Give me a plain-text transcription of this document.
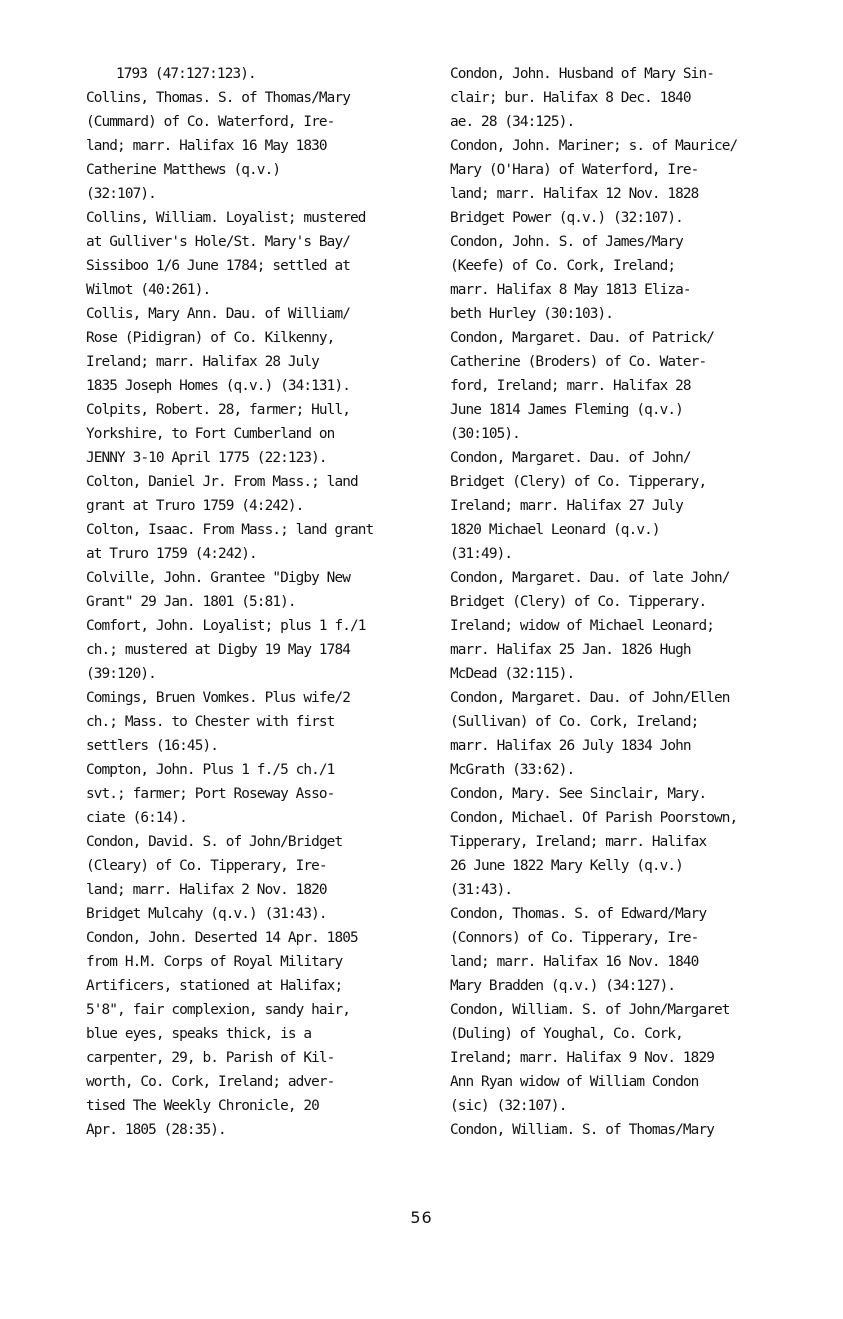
1793 (47:127:123).
Collins, Thomas. S. of Thomas/Mary
(Cummard) of Co. Waterford, Ire-
land; marr. Halifax 16 May 1830
Catherine Matthews (q.v.)
(32:107).
Collins, William. Loyalist; mustered
at Gulliver's Hole/St. Mary's Bay/
Sissiboo 1/6 June 1784; settled at
Wilmot (40:261).
Collis, Mary Ann. Dau. of William/
Rose (Pidigran) of Co. Kilkenny,
Ireland; marr. Halifax 28 July
1835 Joseph Homes (q.v.) (34:131).
Colpits, Robert. 28, farmer; Hull,
Yorkshire, to Fort Cumberland on
JENNY 3-10 April 1775 (22:123).
Colton, Daniel Jr. From Mass.; land
grant at Truro 1759 (4:242).
Colton, Isaac. From Mass.; land grant
at Truro 1759 (4:242).
Colville, John. Grantee "Digby New
Grant" 29 Jan. 1801 (5:81).
Comfort, John. Loyalist; plus 1 f./1
ch.; mustered at Digby 19 May 1784
(39:120).
Comings, Bruen Vomkes. Plus wife/2
ch.; Mass. to Chester with first
settlers (16:45).
Compton, John. Plus 1 f./5 ch./1
svt.; farmer; Port Roseway Asso-
ciate (6:14).
Condon, David. S. of John/Bridget
(Cleary) of Co. Tipperary, Ire-
land; marr. Halifax 2 Nov. 1820
Bridget Mulcahy (q.v.) (31:43).
Condon, John. Deserted 14 Apr. 1805
from H.M. Corps of Royal Military
Artificers, stationed at Halifax;
5'8", fair complexion, sandy hair,
blue eyes, speaks thick, is a
carpenter, 29, b. Parish of Kil-
worth, Co. Cork, Ireland; adver-
tised The Weekly Chronicle, 20
Apr. 1805 (28:35).
Condon, John. Husband of Mary Sin-
clair; bur. Halifax 8 Dec. 1840
ae. 28 (34:125).
Condon, John. Mariner; s. of Maurice/
Mary (O'Hara) of Waterford, Ire-
land; marr. Halifax 12 Nov. 1828
Bridget Power (q.v.) (32:107).
Condon, John. S. of James/Mary
(Keefe) of Co. Cork, Ireland;
marr. Halifax 8 May 1813 Eliza-
beth Hurley (30:103).
Condon, Margaret. Dau. of Patrick/
Catherine (Broders) of Co. Water-
ford, Ireland; marr. Halifax 28
June 1814 James Fleming (q.v.)
(30:105).
Condon, Margaret. Dau. of John/
Bridget (Clery) of Co. Tipperary,
Ireland; marr. Halifax 27 July
1820 Michael Leonard (q.v.)
(31:49).
Condon, Margaret. Dau. of late John/
Bridget (Clery) of Co. Tipperary.
Ireland; widow of Michael Leonard;
marr. Halifax 25 Jan. 1826 Hugh
McDead (32:115).
Condon, Margaret. Dau. of John/Ellen
(Sullivan) of Co. Cork, Ireland;
marr. Halifax 26 July 1834 John
McGrath (33:62).
Condon, Mary. See Sinclair, Mary.
Condon, Michael. Of Parish Poorstown,
Tipperary, Ireland; marr. Halifax
26 June 1822 Mary Kelly (q.v.)
(31:43).
Condon, Thomas. S. of Edward/Mary
(Connors) of Co. Tipperary, Ire-
land; marr. Halifax 16 Nov. 1840
Mary Bradden (q.v.) (34:127).
Condon, William. S. of John/Margaret
(Duling) of Youghal, Co. Cork,
Ireland; marr. Halifax 9 Nov. 1829
Ann Ryan widow of William Condon
(sic) (32:107).
Condon, William. S. of Thomas/Mary
56
